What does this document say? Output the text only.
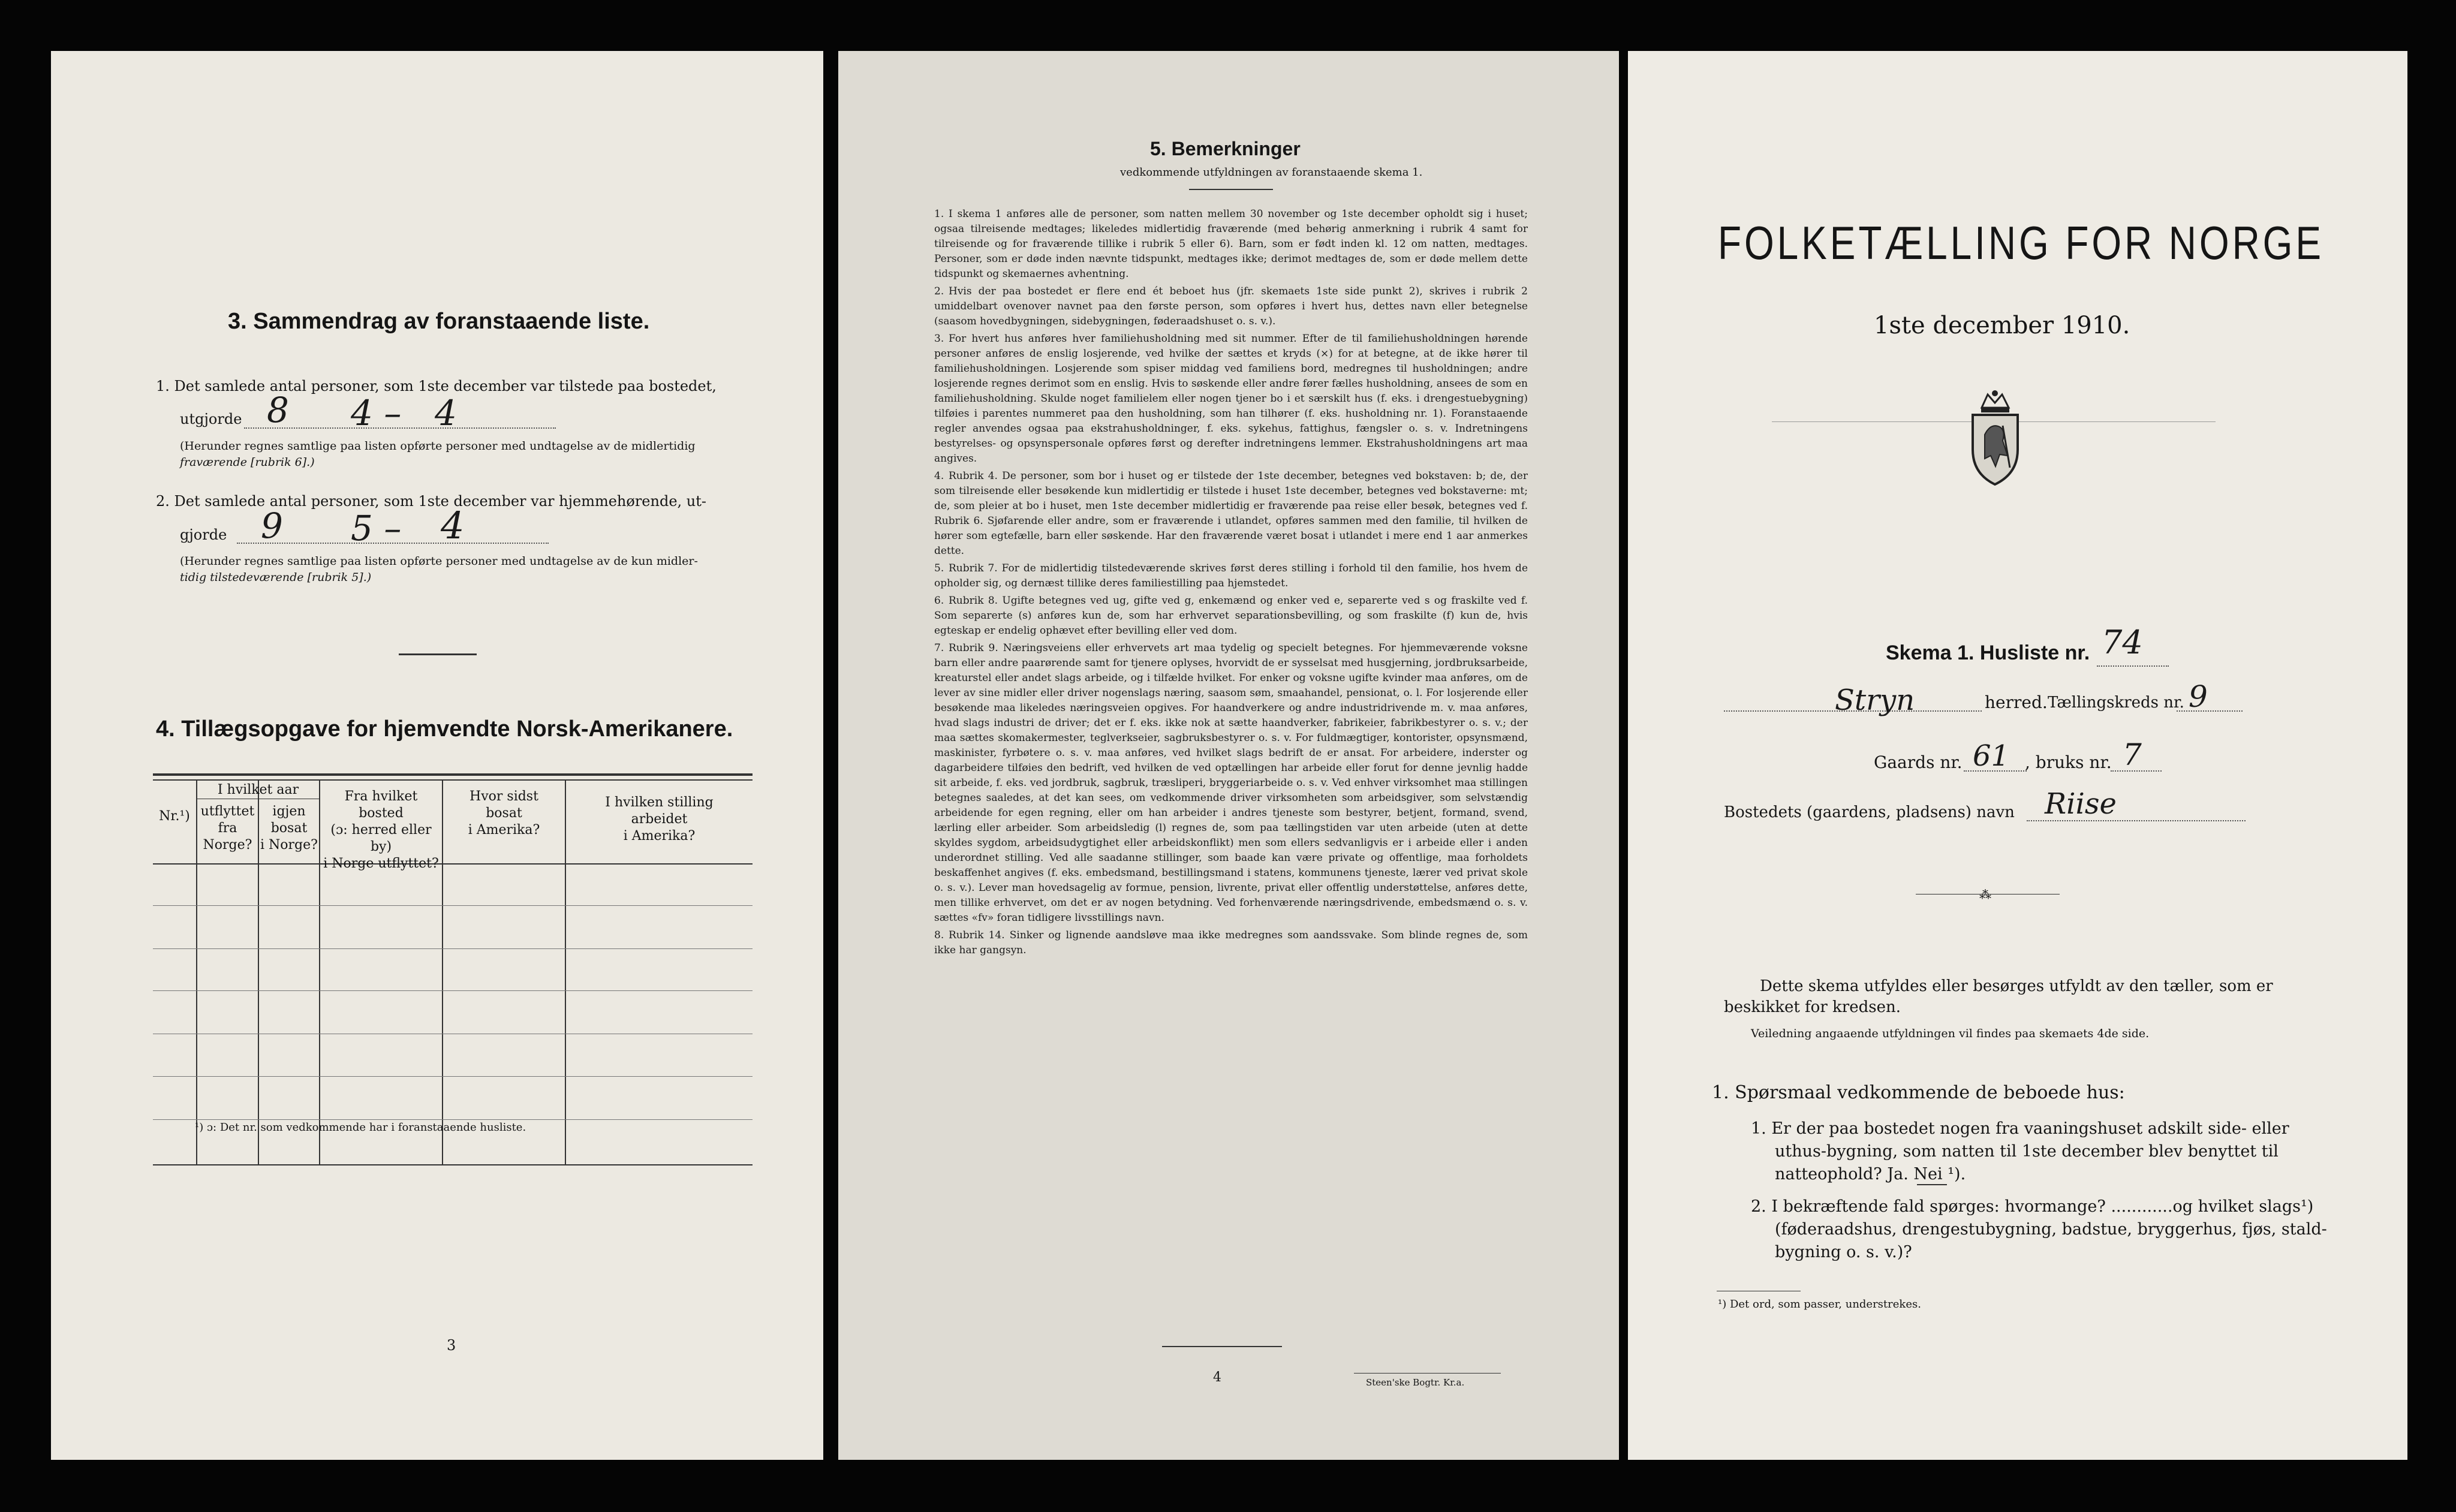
3. Sammendrag av foranstaaende liste.
1. Det samlede antal personer, som 1ste december var tilstede paa bostedet,
utgjorde 8 4 – 4
(Herunder regnes samtlige paa listen opførte personer med undtagelse av de midlertidig
fraværende [rubrik 6].)
2. Det samlede antal personer, som 1ste december var hjemmehørende, ut-
gjorde 9 5 – 4
(Herunder regnes samtlige paa listen opførte personer med undtagelse av de kun midler-
tidig tilstedeværende [rubrik 5].)
4. Tillægsopgave for hjemvendte Norsk-Amerikanere.
Nr.¹)
I hvilket aar
utflyttet
fra
Norge?
igjen
bosat
i Norge?
Fra hvilket bosted
(ɔ: herred eller by)
i Norge utflyttet?
Hvor sidst
bosat
i Amerika?
I hvilken stilling
arbeidet
i Amerika?
¹) ɔ: Det nr. som vedkommende har i foranstaaende husliste.
3
5. Bemerkninger
vedkommende utfyldningen av foranstaaende skema 1.

1. I skema 1 anføres alle de personer, som natten mellem 30 november og 1ste december opholdt sig i huset; ogsaa tilreisende medtages; likeledes midlertidig fraværende (med behørig anmerkning i rubrik 4 samt for tilreisende og for fraværende tillike i rubrik 5 eller 6). Barn, som er født inden kl. 12 om natten, medtages. Personer, som er døde inden nævnte tidspunkt, medtages ikke; derimot medtages de, som er døde mellem dette tidspunkt og skemaernes avhentning.

2. Hvis der paa bostedet er flere end ét beboet hus (jfr. skemaets 1ste side punkt 2), skrives i rubrik 2 umiddelbart ovenover navnet paa den første person, som opføres i hvert hus, dettes navn eller betegnelse (saasom hovedbygningen, sidebygningen, føderaadshuset o. s. v.).

3. For hvert hus anføres hver familiehusholdning med sit nummer. Efter de til familiehusholdningen hørende personer anføres de enslig losjerende, ved hvilke der sættes et kryds (×) for at betegne, at de ikke hører til familiehusholdningen. Losjerende som spiser middag ved familiens bord, medregnes til husholdningen; andre losjerende regnes derimot som en enslig. Hvis to søskende eller andre fører fælles husholdning, ansees de som en familiehusholdning. Skulde noget familielem eller nogen tjener bo i et særskilt hus (f. eks. i drengestuebygning) tilføies i parentes nummeret paa den husholdning, som han tilhører (f. eks. husholdning nr. 1). Foranstaaende regler anvendes ogsaa paa ekstrahusholdninger, f. eks. sykehus, fattighus, fængsler o. s. v. Indretningens bestyrelses- og opsynspersonale opføres først og derefter indretningens lemmer. Ekstrahusholdningens art maa angives.

4. Rubrik 4. De personer, som bor i huset og er tilstede der 1ste december, betegnes ved bokstaven: b; de, der som tilreisende eller besøkende kun midlertidig er tilstede i huset 1ste december, betegnes ved bokstaverne: mt; de, som pleier at bo i huset, men 1ste december midlertidig er fraværende paa reise eller besøk, betegnes ved f. Rubrik 6. Sjøfarende eller andre, som er fraværende i utlandet, opføres sammen med den familie, til hvilken de hører som egtefælle, barn eller søskende. Har den fraværende været bosat i utlandet i mere end 1 aar anmerkes dette.

5. Rubrik 7. For de midlertidig tilstedeværende skrives først deres stilling i forhold til den familie, hos hvem de opholder sig, og dernæst tillike deres familiestilling paa hjemstedet.

6. Rubrik 8. Ugifte betegnes ved ug, gifte ved g, enkemænd og enker ved e, separerte ved s og fraskilte ved f. Som separerte (s) anføres kun de, som har erhvervet separationsbevilling, og som fraskilte (f) kun de, hvis egteskap er endelig ophævet efter bevilling eller ved dom.

7. Rubrik 9. Næringsveiens eller erhvervets art maa tydelig og specielt betegnes. For hjemmeværende voksne barn eller andre paarørende samt for tjenere oplyses, hvorvidt de er sysselsat med husgjerning, jordbruksarbeide, kreaturstel eller andet slags arbeide, og i tilfælde hvilket. For enker og voksne ugifte kvinder maa anføres, om de lever av sine midler eller driver nogenslags næring, saasom søm, smaahandel, pensionat, o. l. For losjerende eller besøkende maa likeledes næringsveien opgives. For haandverkere og andre industridrivende m. v. maa anføres, hvad slags industri de driver; det er f. eks. ikke nok at sætte haandverker, fabrikeier, fabrikbestyrer o. s. v.; der maa sættes skomakermester, teglverkseier, sagbruksbestyrer o. s. v. For fuldmægtiger, kontorister, opsynsmænd, maskinister, fyrbøtere o. s. v. maa anføres, ved hvilket slags bedrift de er ansat. For arbeidere, inderster og dagarbeidere tilføies den bedrift, ved hvilken de ved optællingen har arbeide eller forut for denne jevnlig hadde sit arbeide, f. eks. ved jordbruk, sagbruk, træsliperi, bryggeriarbeide o. s. v. Ved enhver virksomhet maa stillingen betegnes saaledes, at det kan sees, om vedkommende driver virksomheten som arbeidsgiver, som selvstændig arbeidende for egen regning, eller om han arbeider i andres tjeneste som bestyrer, betjent, formand, svend, lærling eller arbeider. Som arbeidsledig (l) regnes de, som paa tællingstiden var uten arbeide (uten at dette skyldes sygdom, arbeidsudygtighet eller arbeidskonflikt) men som ellers sedvanligvis er i arbeide eller i anden underordnet stilling. Ved alle saadanne stillinger, som baade kan være private og offentlige, maa forholdets beskaffenhet angives (f. eks. embedsmand, bestillingsmand i statens, kommunens tjeneste, lærer ved privat skole o. s. v.). Lever man hovedsagelig av formue, pension, livrente, privat eller offentlig understøttelse, anføres dette, men tillike erhvervet, om det er av nogen betydning. Ved forhenværende næringsdrivende, embedsmænd o. s. v. sættes «fv» foran tidligere livsstillings navn.

8. Rubrik 14. Sinker og lignende aandsløve maa ikke medregnes som aandssvake. Som blinde regnes de, som ikke har gangsyn.

4	Steen'ske Bogtr. Kr.a.
FOLKETÆLLING FOR NORGE
1ste december 1910.
Skema 1. Husliste nr. 74
Stryn	herred. Tællingskreds nr. 9
Gaards nr. 61 , bruks nr. 7
Bostedets (gaardens, pladsens) navn Riise
⁂
Dette skema utfyldes eller besørges utfyldt av den tæller, som er
beskikket for kredsen.
Veiledning angaaende utfyldningen vil findes paa skemaets 4de side.
1. Spørsmaal vedkommende de beboede hus:
1. Er der paa bostedet nogen fra vaaningshuset adskilt side- eller
uthus-bygning, som natten til 1ste december blev benyttet til
natteophold? Ja. Nei ¹).
2. I bekræftende fald spørges: hvormange? ............og hvilket slags¹)
(føderaadshus, drengestubygning, badstue, bryggerhus, fjøs, stald-
bygning o. s. v.)?
¹) Det ord, som passer, understrekes.
